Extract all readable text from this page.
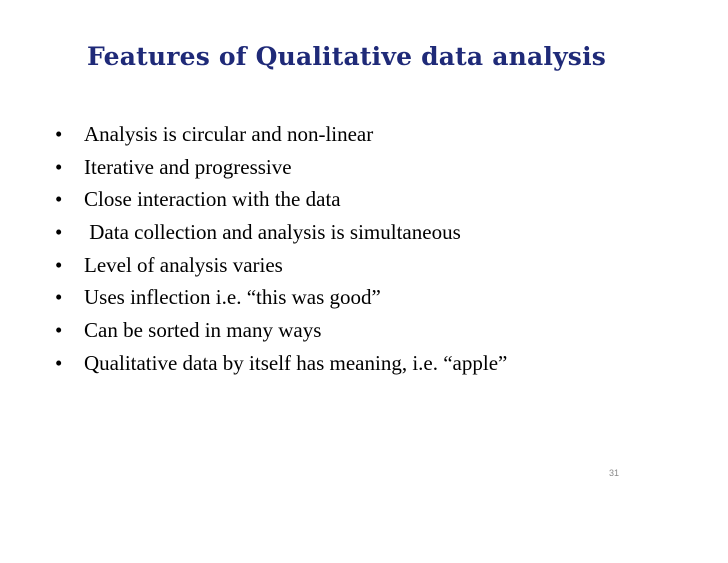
Features of Qualitative data analysis
• Analysis is circular and non-linear
• Iterative and progressive
• Close interaction with the data
• Data collection and analysis is simultaneous
• Level of analysis varies
• Uses inflection i.e. “this was good”
• Can be sorted in many ways
• Qualitative data by itself has meaning, i.e. “apple”
31
